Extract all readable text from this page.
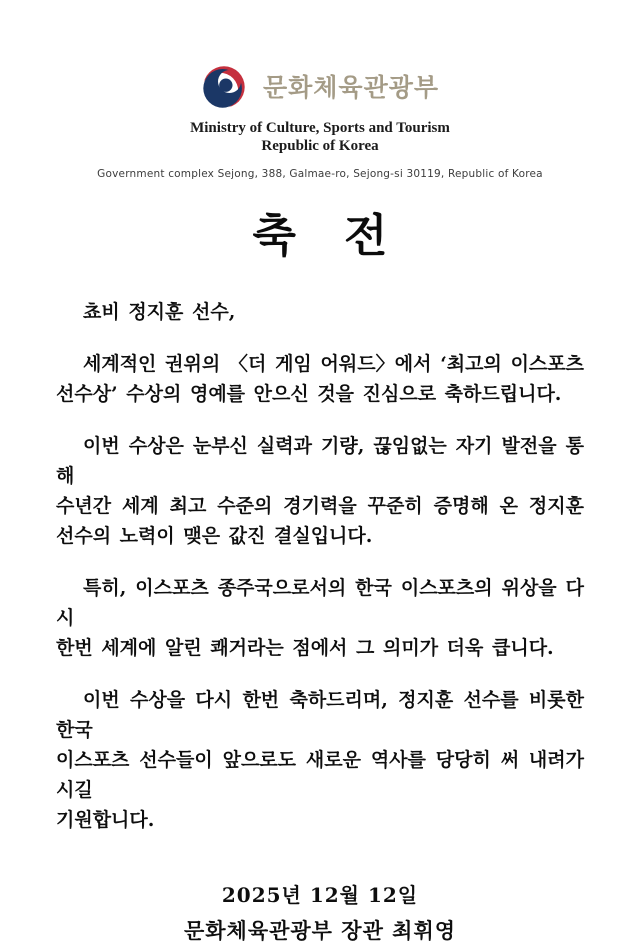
문화체육관광부
Ministry of Culture, Sports and Tourism
Republic of Korea
Government complex Sejong, 388, Galmae-ro, Sejong-si 30119, Republic of Korea
축 전
쵸비 정지훈 선수,
세계적인 권위의 〈더 게임 어워드〉에서 ‘최고의 이스포츠
선수상’ 수상의 영예를 안으신 것을 진심으로 축하드립니다.
이번 수상은 눈부신 실력과 기량, 끊임없는 자기 발전을 통해
수년간 세계 최고 수준의 경기력을 꾸준히 증명해 온 정지훈
선수의 노력이 맺은 값진 결실입니다.
특히, 이스포츠 종주국으로서의 한국 이스포츠의 위상을 다시
한번 세계에 알린 쾌거라는 점에서 그 의미가 더욱 큽니다.
이번 수상을 다시 한번 축하드리며, 정지훈 선수를 비롯한 한국
이스포츠 선수들이 앞으로도 새로운 역사를 당당히 써 내려가시길
기원합니다.
2025년 12월 12일
문화체육관광부 장관 최휘영
